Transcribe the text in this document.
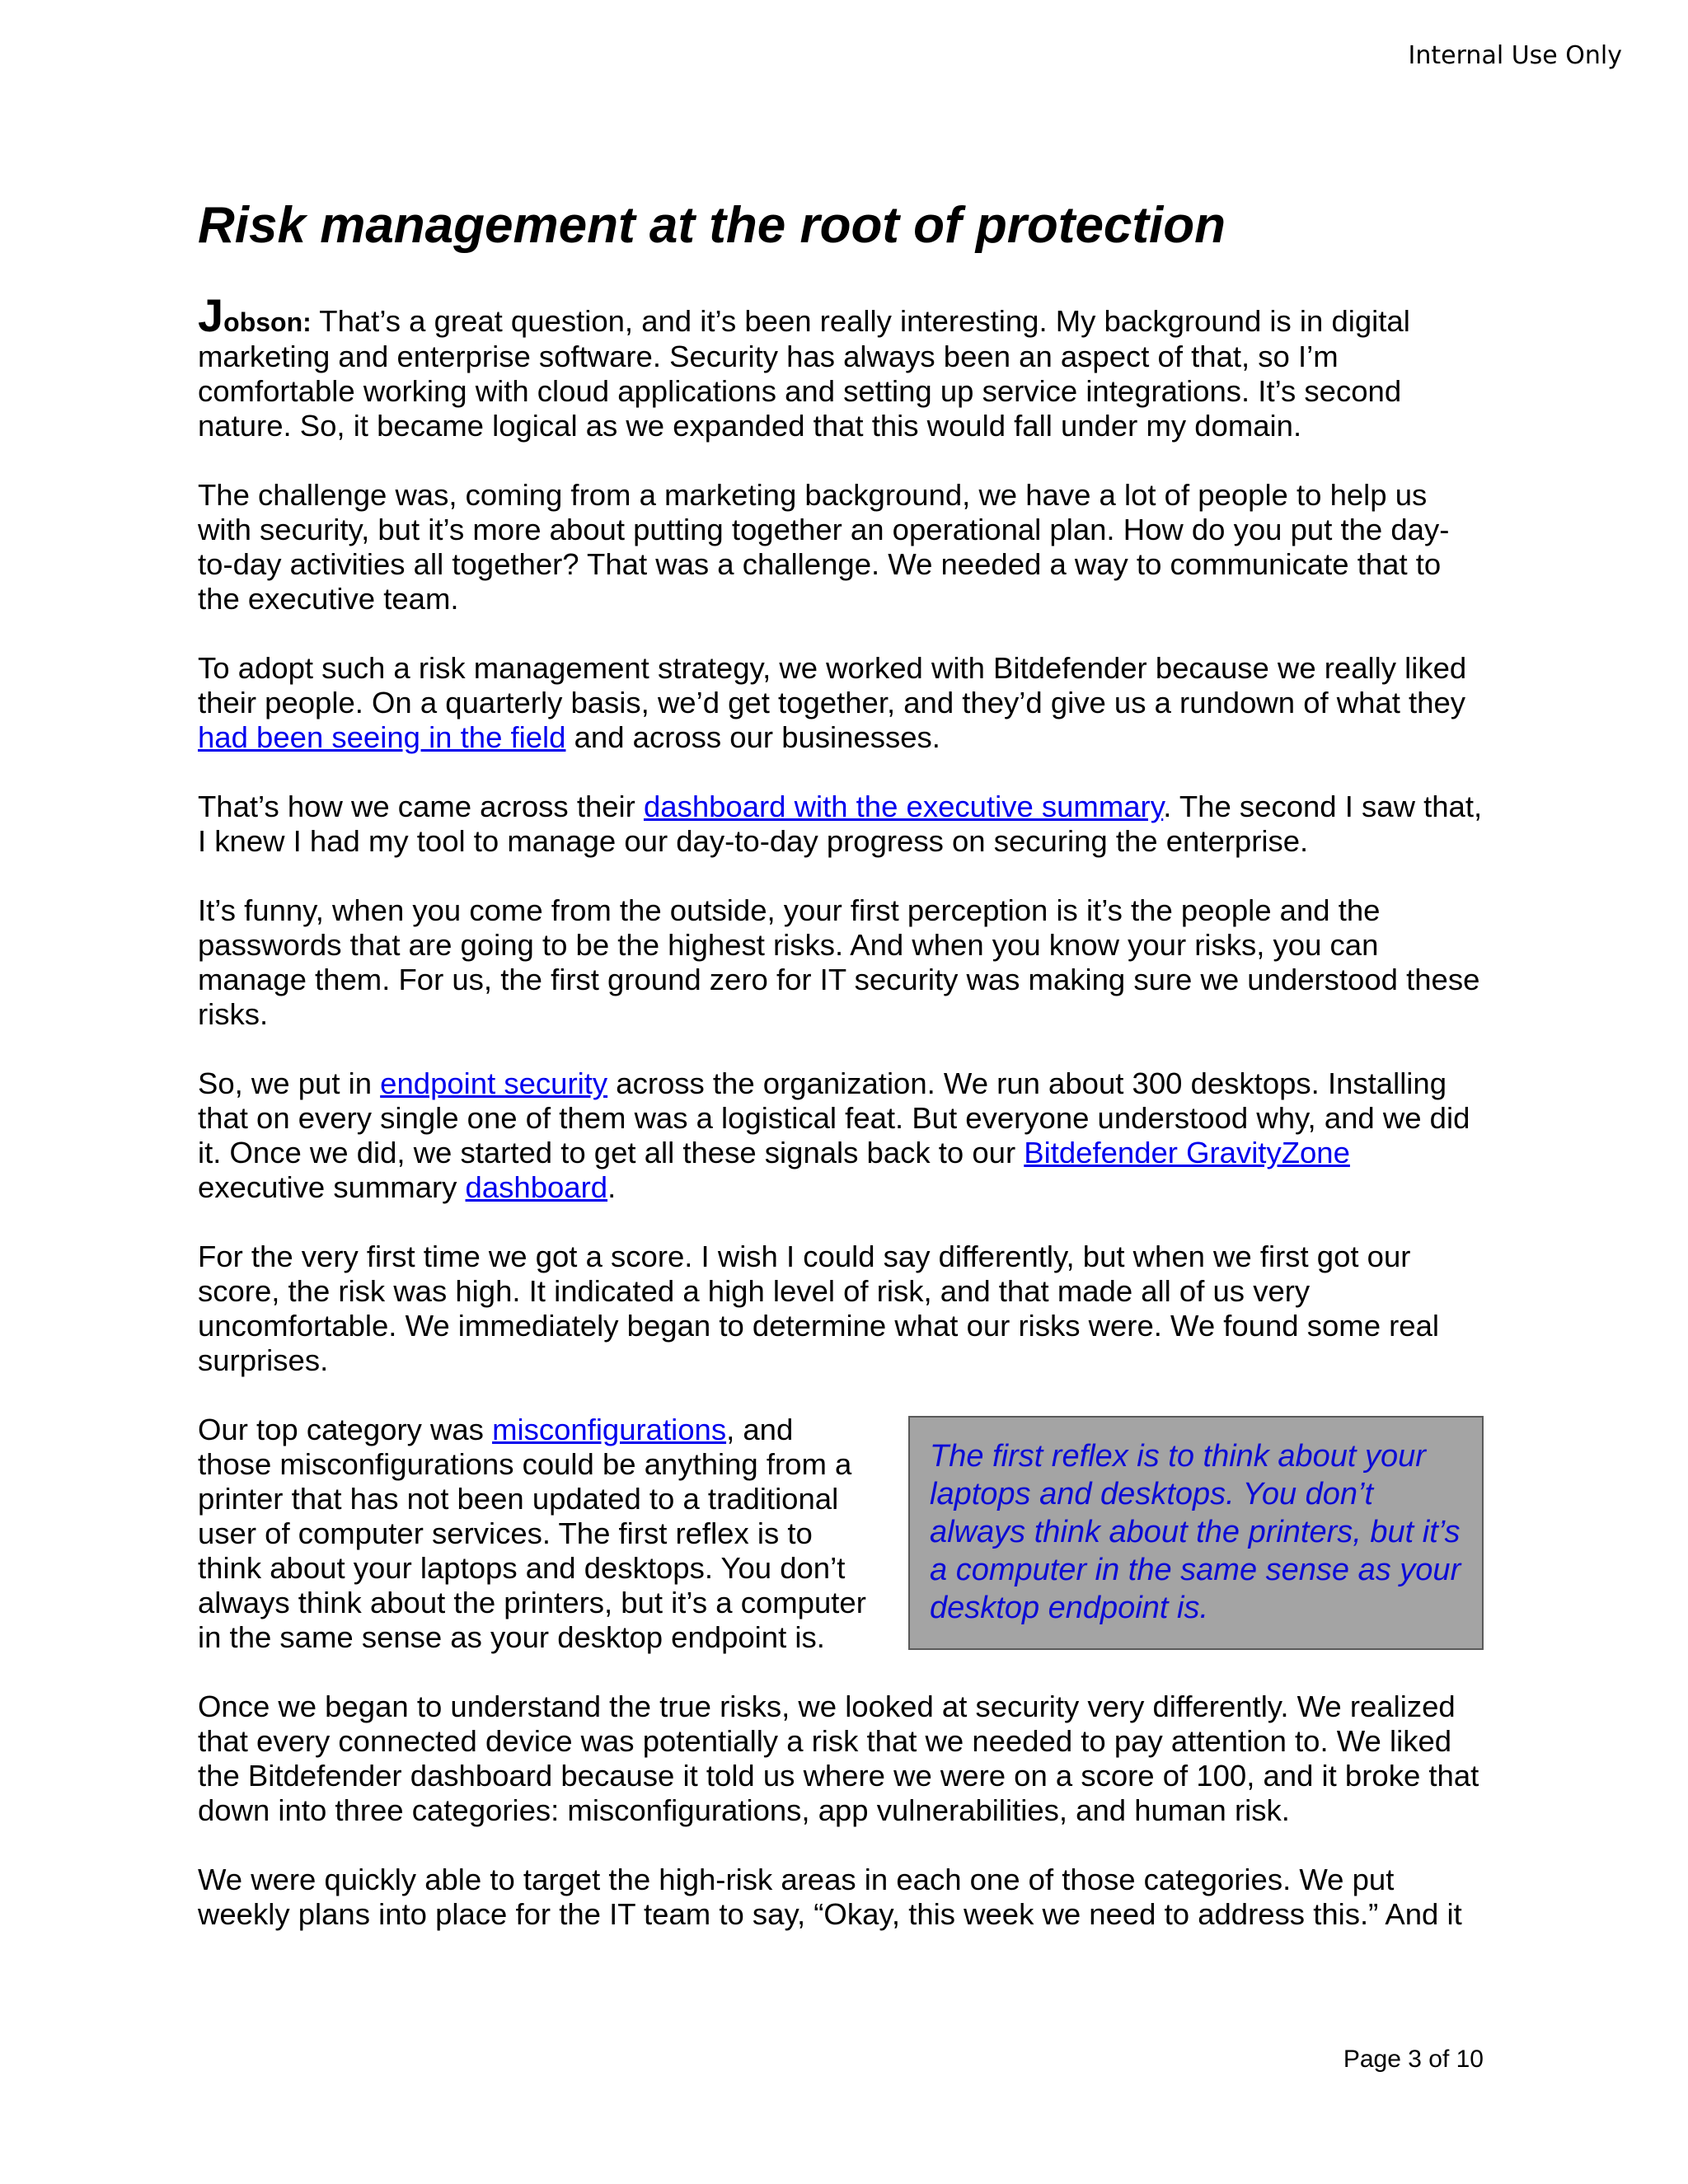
Internal Use Only
Risk management at the root of protection

Jobson: That’s a great question, and it’s been really interesting. My background is in digital marketing and enterprise software. Security has always been an aspect of that, so I’m comfortable working with cloud applications and setting up service integrations. It’s second nature. So, it became logical as we expanded that this would fall under my domain.

The challenge was, coming from a marketing background, we have a lot of people to help us with security, but it’s more about putting together an operational plan. How do you put the day-to-day activities all together? That was a challenge. We needed a way to communicate that to the executive team.

To adopt such a risk management strategy, we worked with Bitdefender because we really liked their people. On a quarterly basis, we’d get together, and they’d give us a rundown of what they had been seeing in the field and across our businesses.

That’s how we came across their dashboard with the executive summary. The second I saw that, I knew I had my tool to manage our day-to-day progress on securing the enterprise.

It’s funny, when you come from the outside, your first perception is it’s the people and the passwords that are going to be the highest risks. And when you know your risks, you can manage them. For us, the first ground zero for IT security was making sure we understood these risks.

So, we put in endpoint security across the organization. We run about 300 desktops. Installing that on every single one of them was a logistical feat. But everyone understood why, and we did it. Once we did, we started to get all these signals back to our Bitdefender GravityZone executive summary dashboard.

For the very first time we got a score. I wish I could say differently, but when we first got our score, the risk was high. It indicated a high level of risk, and that made all of us very uncomfortable. We immediately began to determine what our risks were. We found some real surprises.

Our top category was misconfigurations, and those misconfigurations could be anything from a printer that has not been updated to a traditional user of computer services. The first reflex is to think about your laptops and desktops. You don’t always think about the printers, but it’s a computer in the same sense as your desktop endpoint is.

The first reflex is to think about your laptops and desktops. You don’t always think about the printers, but it’s a computer in the same sense as your desktop endpoint is.

Once we began to understand the true risks, we looked at security very differently. We realized that every connected device was potentially a risk that we needed to pay attention to. We liked the Bitdefender dashboard because it told us where we were on a score of 100, and it broke that down into three categories: misconfigurations, app vulnerabilities, and human risk.

We were quickly able to target the high-risk areas in each one of those categories. We put weekly plans into place for the IT team to say, “Okay, this week we need to address this.” And it

Page 3 of 10
